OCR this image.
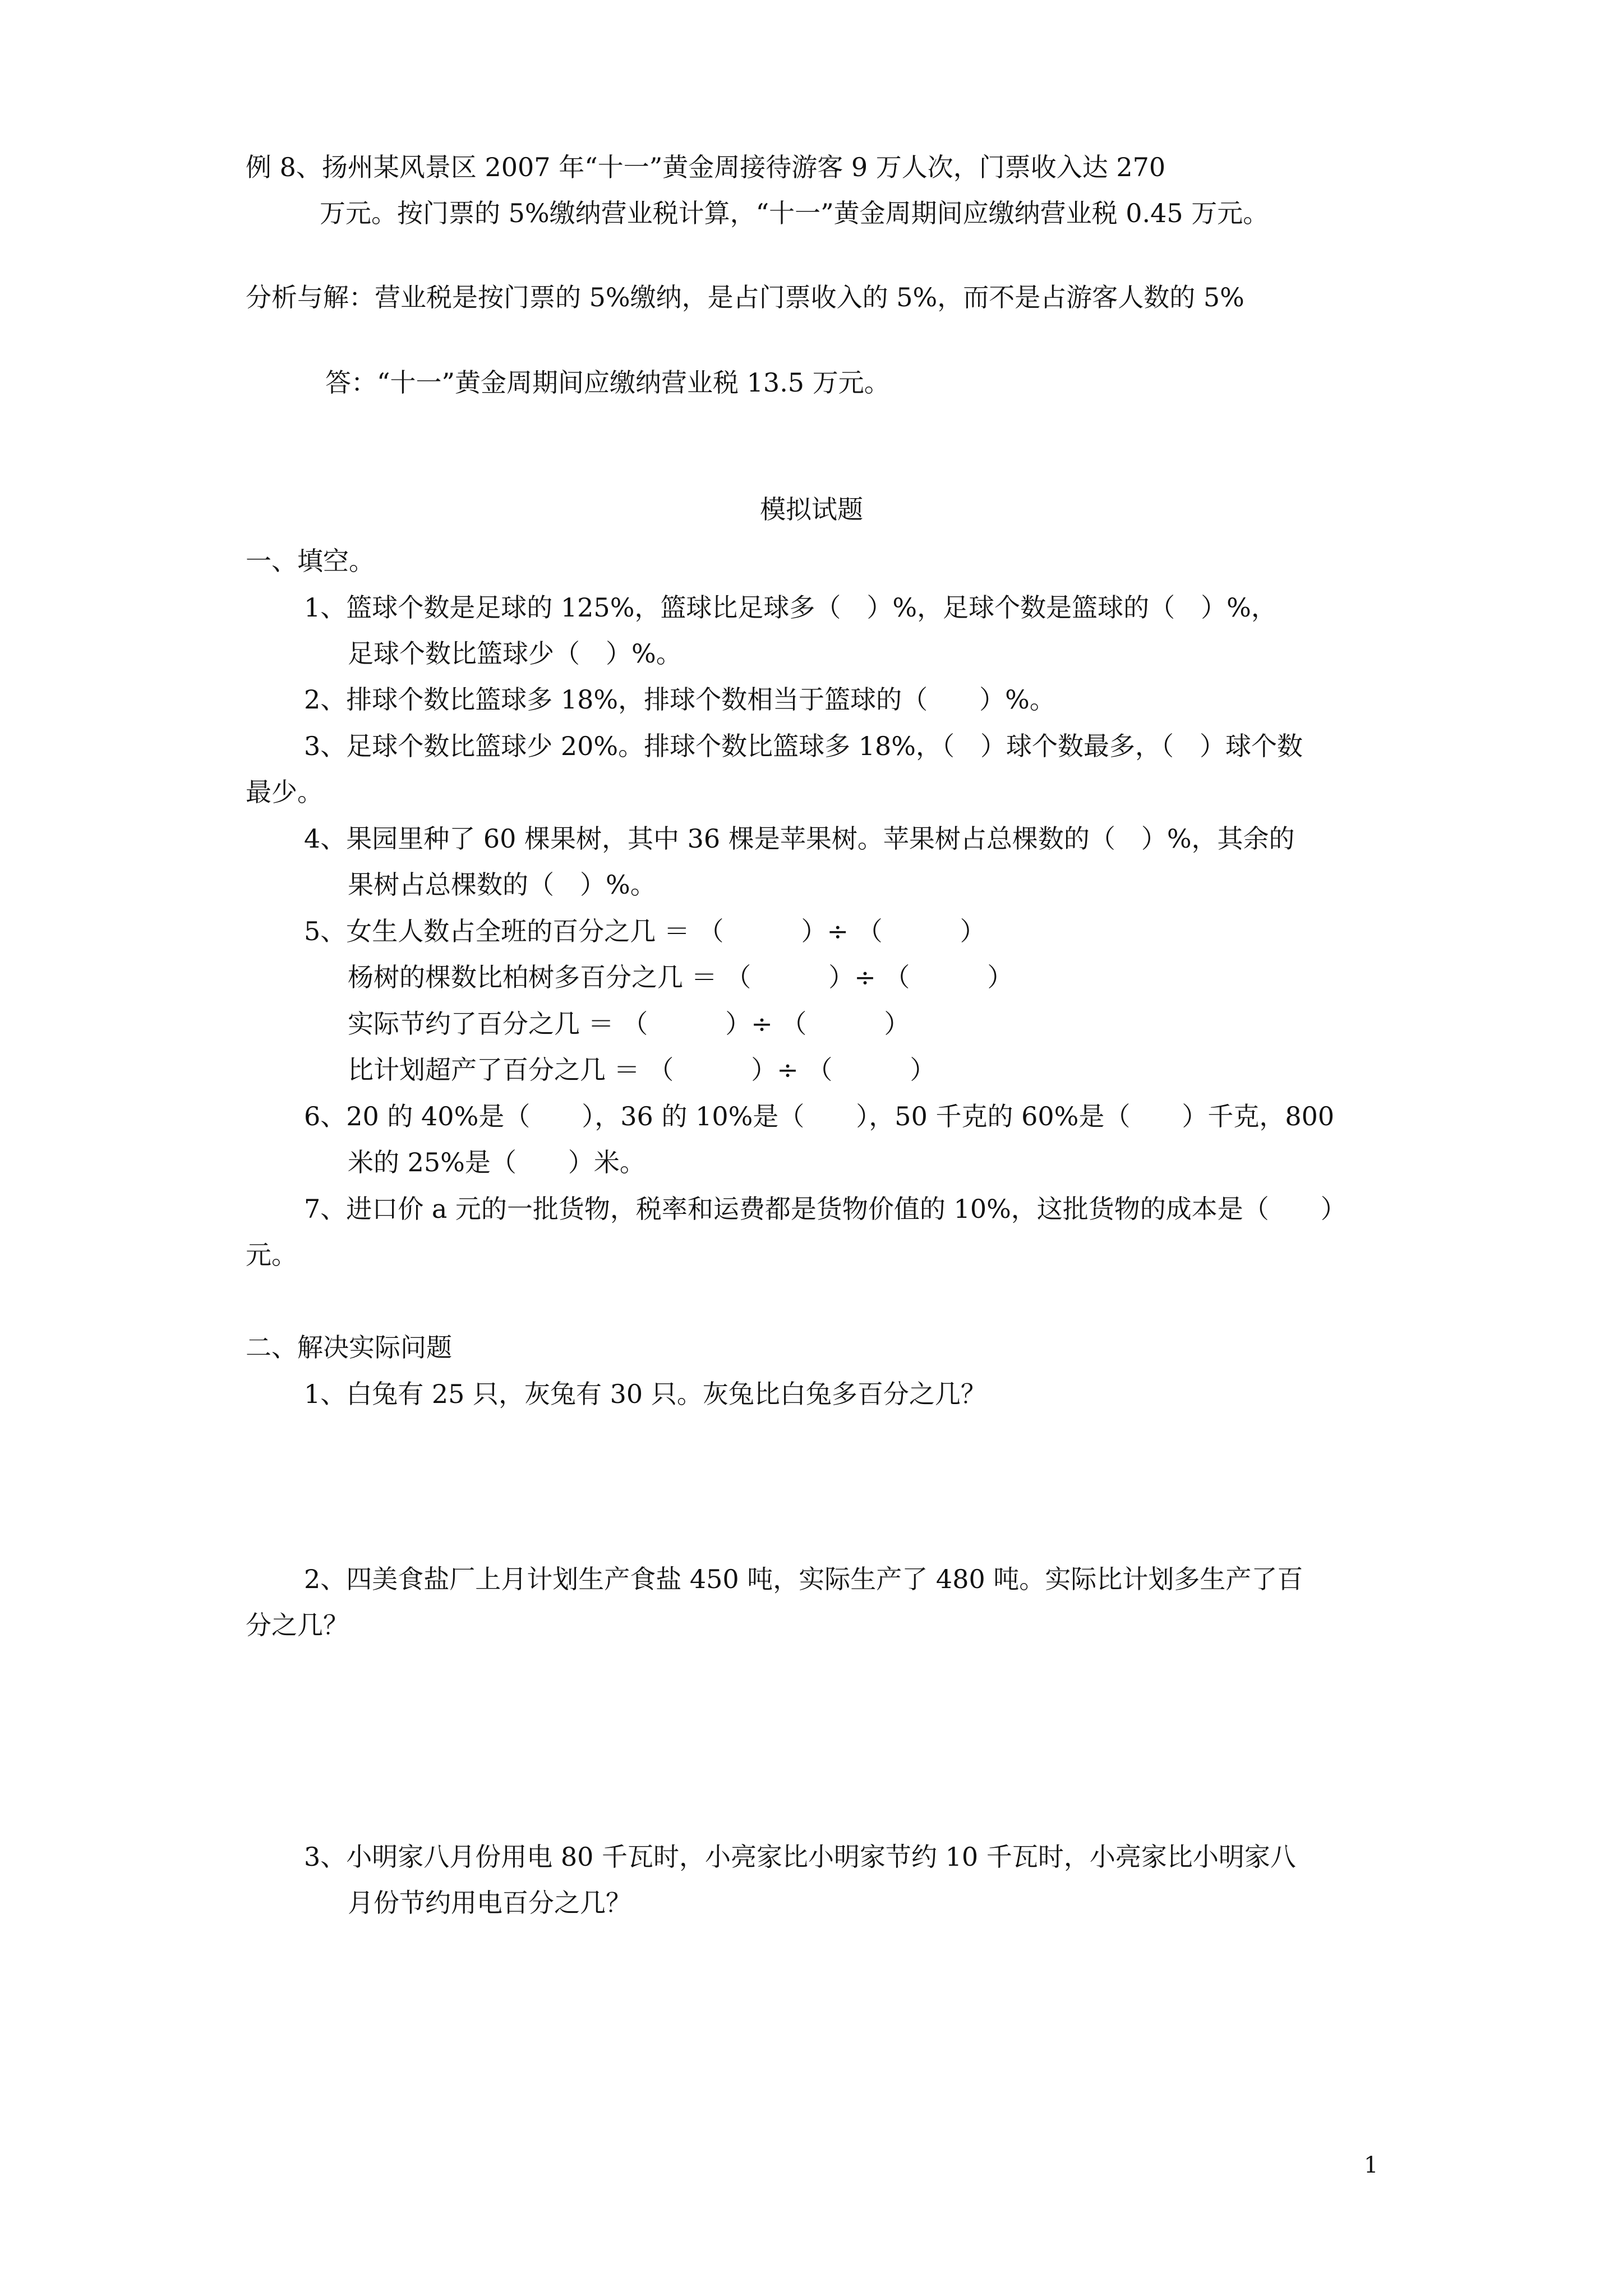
例 8、扬州某风景区 2007 年“十一”黄金周接待游客 9 万人次，门票收入达 270

万元。按门票的 5%缴纳营业税计算，“十一”黄金周期间应缴纳营业税 0.45 万元。

分析与解：营业税是按门票的 5%缴纳，是占门票收入的 5%，而不是占游客人数的 5%

答：“十一”黄金周期间应缴纳营业税 13.5 万元。

模拟试题

一、填空。

1、篮球个数是足球的 125%，篮球比足球多（　）%，足球个数是篮球的（　）%，

足球个数比篮球少（　）%。

2、排球个数比篮球多 18%，排球个数相当于篮球的（　　）%。

3、足球个数比篮球少 20%。排球个数比篮球多 18%，（　）球个数最多，（　）球个数

最少。

4、果园里种了 60 棵果树，其中 36 棵是苹果树。苹果树占总棵数的（　）%，其余的

果树占总棵数的（　）%。

5、女生人数占全班的百分之几 ＝ （　　　）÷ （　　　）

杨树的棵数比柏树多百分之几 ＝ （　　　）÷ （　　　）

实际节约了百分之几 ＝ （　　　）÷ （　　　）

比计划超产了百分之几 ＝ （　　　）÷ （　　　）

6、20 的 40%是（　　），36 的 10%是（　　），50 千克的 60%是（　　）千克，800

米的 25%是（　　）米。

7、进口价 a 元的一批货物，税率和运费都是货物价值的 10%，这批货物的成本是（　　）

元。

二、解决实际问题

1、白兔有 25 只，灰兔有 30 只。灰兔比白兔多百分之几？

2、四美食盐厂上月计划生产食盐 450 吨，实际生产了 480 吨。实际比计划多生产了百

分之几？

3、小明家八月份用电 80 千瓦时，小亮家比小明家节约 10 千瓦时，小亮家比小明家八

月份节约用电百分之几？

1
